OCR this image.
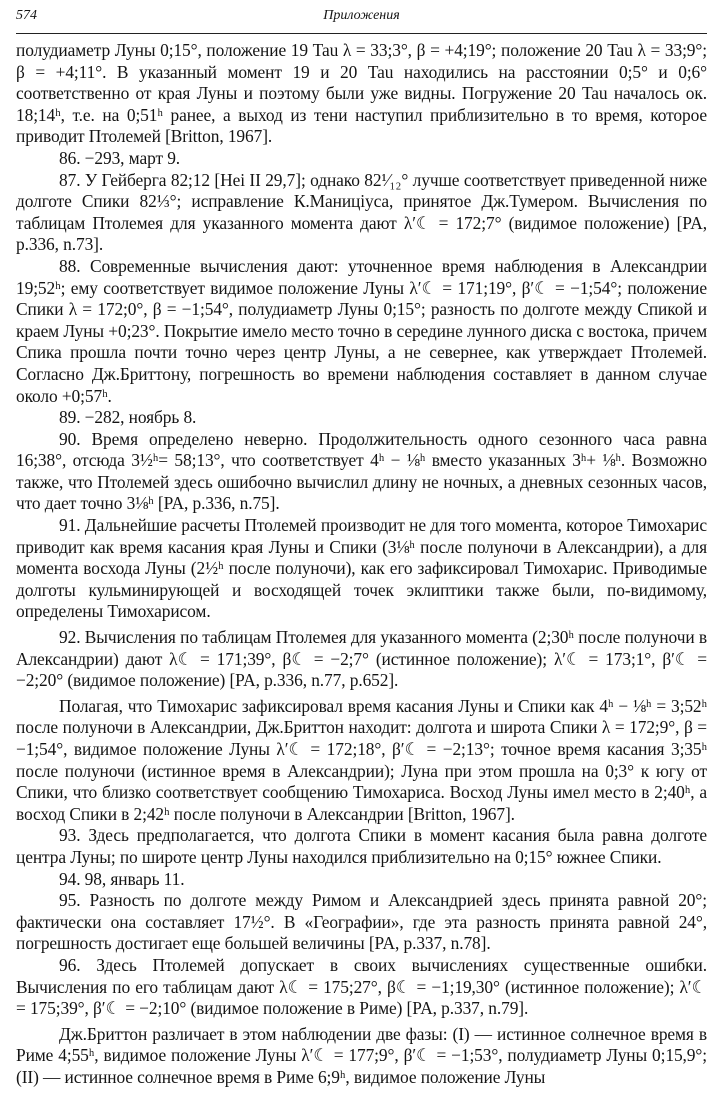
574	Приложения

полудиаметр Луны 0;15°, положение 19 Tau λ = 33;3°, β = +4;19°; положение 20 Tau λ = 33;9°; β = +4;11°. В указанный момент 19 и 20 Tau находились на расстоянии 0;5° и 0;6° соответственно от края Луны и поэтому были уже видны. Погружение 20 Tau началось ок. 18;14ʰ, т.е. на 0;51ʰ ранее, а выход из тени наступил приблизительно в то время, которое приводит Птолемей [Britton, 1967].

86. −293, март 9.

87. У Гейберга 82;12 [Hei II 29,7]; однако 82¹⁄₁₂° лучше соответствует приведенной ниже долготе Спики 82⅓°; исправление К.Маницiуса, принятое Дж.Тумером. Вычисления по таблицам Птолемея для указанного момента дают λ′☾ = 172;7° (видимое положение) [PA, p.336, n.73].

88. Современные вычисления дают: уточненное время наблюдения в Александрии 19;52ʰ; ему соответствует видимое положение Луны λ′☾ = 171;19°, β′☾ = −1;54°; положение Спики λ = 172;0°, β = −1;54°, полудиаметр Луны 0;15°; разность по долготе между Спикой и краем Луны +0;23°. Покрытие имело место точно в середине лунного диска с востока, причем Спика прошла почти точно через центр Луны, а не севернее, как утверждает Птолемей. Согласно Дж.Бриттону, погрешность во времени наблюдения составляет в данном случае около +0;57ʰ.

89. −282, ноябрь 8.

90. Время определено неверно. Продолжительность одного сезонного часа равна 16;38°, отсюда 3½ʰ= 58;13°, что соответствует 4ʰ − ⅛ʰ вместо указанных 3ʰ+ ⅛ʰ. Возможно также, что Птолемей здесь ошибочно вычислил длину не ночных, а дневных сезонных часов, что дает точно 3⅛ʰ [PA, p.336, n.75].

91. Дальнейшие расчеты Птолемей производит не для того момента, которое Тимохарис приводит как время касания края Луны и Спики (3⅛ʰ после полуночи в Александрии), а для момента восхода Луны (2½ʰ после полуночи), как его зафиксировал Тимохарис. Приводимые долготы кульминирующей и восходящей точек эклиптики также были, по-видимому, определены Тимохарисом.

92. Вычисления по таблицам Птолемея для указанного момента (2;30ʰ после полуночи в Александрии) дают λ☾ = 171;39°, β☾ = −2;7° (истинное положение); λ′☾ = 173;1°, β′☾ = −2;20° (видимое положение) [PA, p.336, n.77, p.652].

Полагая, что Тимохарис зафиксировал время касания Луны и Спики как 4ʰ − ⅛ʰ = 3;52ʰ после полуночи в Александрии, Дж.Бриттон находит: долгота и широта Спики λ = 172;9°, β = −1;54°, видимое положение Луны λ′☾ = 172;18°, β′☾ = −2;13°; точное время касания 3;35ʰ после полуночи (истинное время в Александрии); Луна при этом прошла на 0;3° к югу от Спики, что близко соответствует сообщению Тимохариса. Восход Луны имел место в 2;40ʰ, а восход Спики в 2;42ʰ после полуночи в Александрии [Britton, 1967].

93. Здесь предполагается, что долгота Спики в момент касания была равна долготе центра Луны; по широте центр Луны находился приблизительно на 0;15° южнее Спики.

94. 98, январь 11.

95. Разность по долготе между Римом и Александрией здесь принята равной 20°; фактически она составляет 17½°. В «Географии», где эта разность принята равной 24°, погрешность достигает еще большей величины [PA, p.337, n.78].

96. Здесь Птолемей допускает в своих вычислениях существенные ошибки. Вычисления по его таблицам дают λ☾ = 175;27°, β☾ = −1;19,30° (истинное положение); λ′☾ = 175;39°, β′☾ = −2;10° (видимое положение в Риме) [PA, p.337, n.79].

Дж.Бриттон различает в этом наблюдении две фазы: (I) — истинное солнечное время в Риме 4;55ʰ, видимое положение Луны λ′☾ = 177;9°, β′☾ = −1;53°, полудиаметр Луны 0;15,9°; (II) — истинное солнечное время в Риме 6;9ʰ, видимое положение Луны
